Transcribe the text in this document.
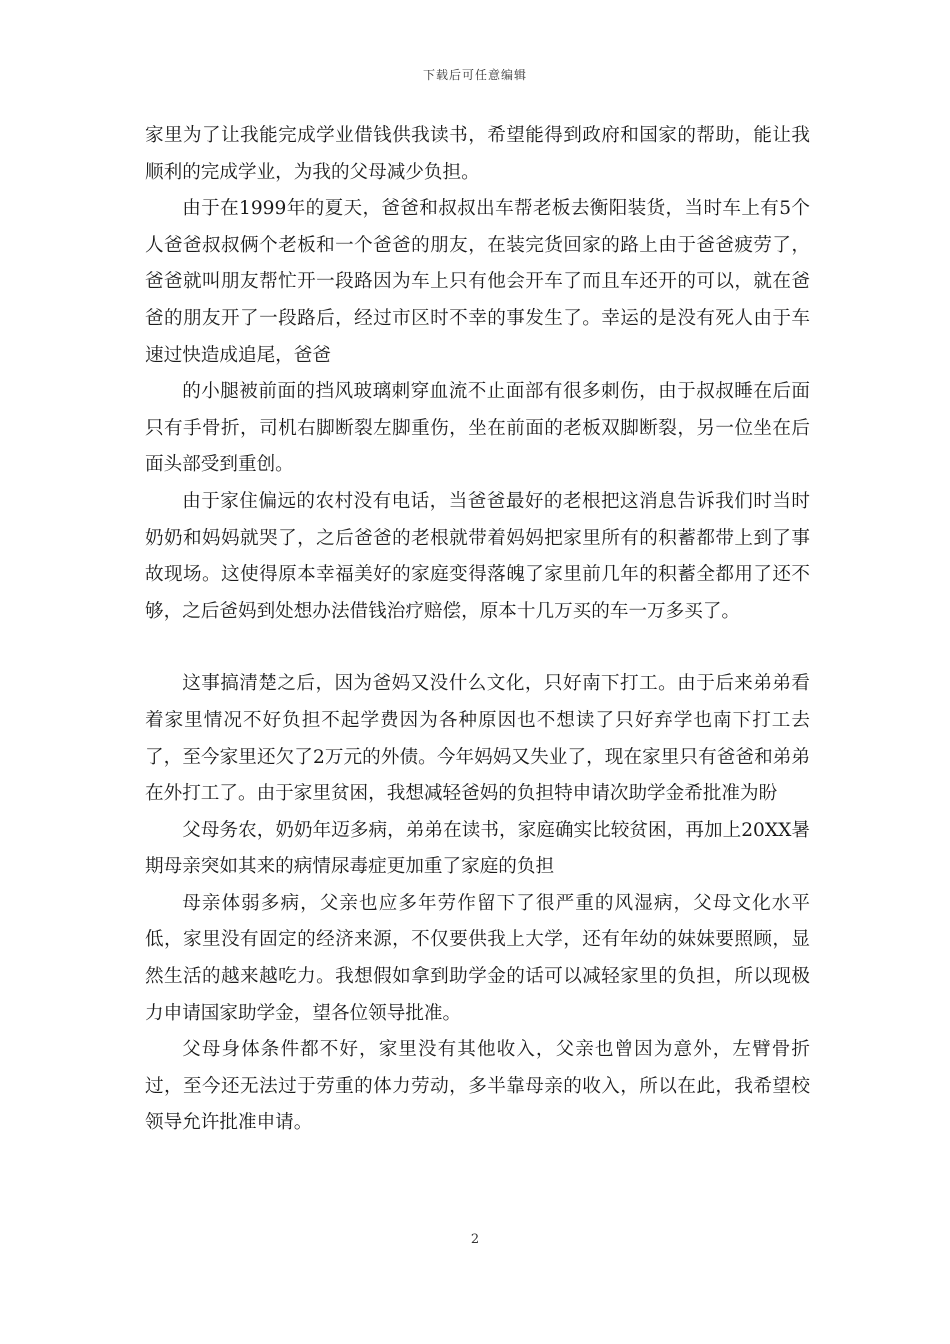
下载后可任意编辑

家里为了让我能完成学业借钱供我读书，希望能得到政府和国家的帮助，能让我顺利的完成学业，为我的父母减少负担。

由于在1999年的夏天，爸爸和叔叔出车帮老板去衡阳装货，当时车上有5个人爸爸叔叔俩个老板和一个爸爸的朋友，在装完货回家的路上由于爸爸疲劳了，爸爸就叫朋友帮忙开一段路因为车上只有他会开车了而且车还开的可以，就在爸爸的朋友开了一段路后，经过市区时不幸的事发生了。幸运的是没有死人由于车速过快造成追尾，爸爸

的小腿被前面的挡风玻璃刺穿血流不止面部有很多刺伤，由于叔叔睡在后面只有手骨折，司机右脚断裂左脚重伤，坐在前面的老板双脚断裂，另一位坐在后面头部受到重创。

由于家住偏远的农村没有电话，当爸爸最好的老根把这消息告诉我们时当时奶奶和妈妈就哭了，之后爸爸的老根就带着妈妈把家里所有的积蓄都带上到了事故现场。这使得原本幸福美好的家庭变得落魄了家里前几年的积蓄全都用了还不够，之后爸妈到处想办法借钱治疗赔偿，原本十几万买的车一万多买了。

这事搞清楚之后，因为爸妈又没什么文化，只好南下打工。由于后来弟弟看着家里情况不好负担不起学费因为各种原因也不想读了只好弃学也南下打工去了，至今家里还欠了2万元的外债。今年妈妈又失业了，现在家里只有爸爸和弟弟在外打工了。由于家里贫困，我想减轻爸妈的负担特申请次助学金希批准为盼

父母务农，奶奶年迈多病，弟弟在读书，家庭确实比较贫困，再加上20XX暑期母亲突如其来的病情尿毒症更加重了家庭的负担

母亲体弱多病，父亲也应多年劳作留下了很严重的风湿病，父母文化水平低，家里没有固定的经济来源，不仅要供我上大学，还有年幼的妹妹要照顾，显然生活的越来越吃力。我想假如拿到助学金的话可以减轻家里的负担，所以现极力申请国家助学金，望各位领导批准。

父母身体条件都不好，家里没有其他收入，父亲也曾因为意外，左臂骨折过，至今还无法过于劳重的体力劳动，多半靠母亲的收入，所以在此，我希望校领导允许批准申请。

2
